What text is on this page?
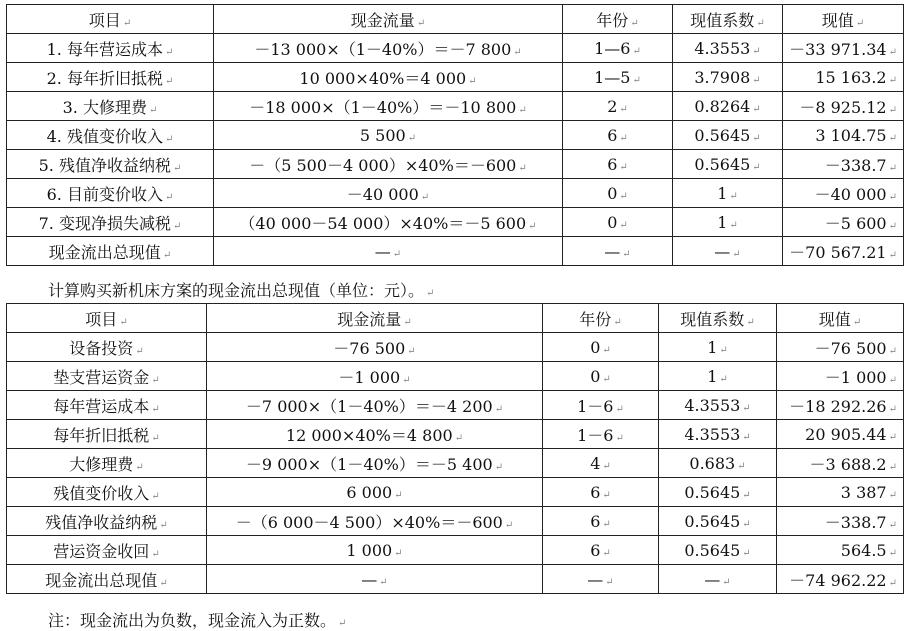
项目 ↵	现金流量 ↵	年份 ↵	现值系数 ↵	现值 ↵
1. 每年营运成本 ↵	－13 000×（1－40%）＝－7 800 ↵	1—6 ↵	4.3553 ↵	－33 971.34 ↵
2. 每年折旧抵税 ↵	10 000×40%＝4 000 ↵	1—5 ↵	3.7908 ↵	15 163.2 ↵
3. 大修理费 ↵	－18 000×（1－40%）＝－10 800 ↵	2 ↵	0.8264 ↵	－8 925.12 ↵
4. 残值变价收入 ↵	5 500 ↵	6 ↵	0.5645 ↵	3 104.75 ↵
5. 残值净收益纳税 ↵	－（5 500－4 000）×40%＝－600 ↵	6 ↵	0.5645 ↵	－338.7 ↵
6. 目前变价收入 ↵	－40 000 ↵	0 ↵	1 ↵	－40 000 ↵
7. 变现净损失减税 ↵	（40 000－54 000）×40%＝－5 600 ↵	0 ↵	1 ↵	－5 600 ↵
现金流出总现值 ↵	— ↵	— ↵	— ↵	－70 567.21 ↵
计算购买新机床方案的现金流出总现值（单位：元）。 ↵
项目 ↵	现金流量 ↵	年份 ↵	现值系数 ↵	现值 ↵
设备投资 ↵	－76 500 ↵	0 ↵	1 ↵	－76 500 ↵
垫支营运资金 ↵	－1 000 ↵	0 ↵	1 ↵	－1 000 ↵
每年营运成本 ↵	－7 000×（1－40%）＝－4 200 ↵	1－6 ↵	4.3553 ↵	－18 292.26 ↵
每年折旧抵税 ↵	12 000×40%＝4 800 ↵	1－6 ↵	4.3553 ↵	20 905.44 ↵
大修理费 ↵	－9 000×（1－40%）＝－5 400 ↵	4 ↵	0.683 ↵	－3 688.2 ↵
残值变价收入 ↵	6 000 ↵	6 ↵	0.5645 ↵	3 387 ↵
残值净收益纳税 ↵	－（6 000－4 500）×40%＝－600 ↵	6 ↵	0.5645 ↵	－338.7 ↵
营运资金收回 ↵	1 000 ↵	6 ↵	0.5645 ↵	564.5 ↵
现金流出总现值 ↵	— ↵	— ↵	— ↵	－74 962.22 ↵
注：现金流出为负数，现金流入为正数。 ↵
